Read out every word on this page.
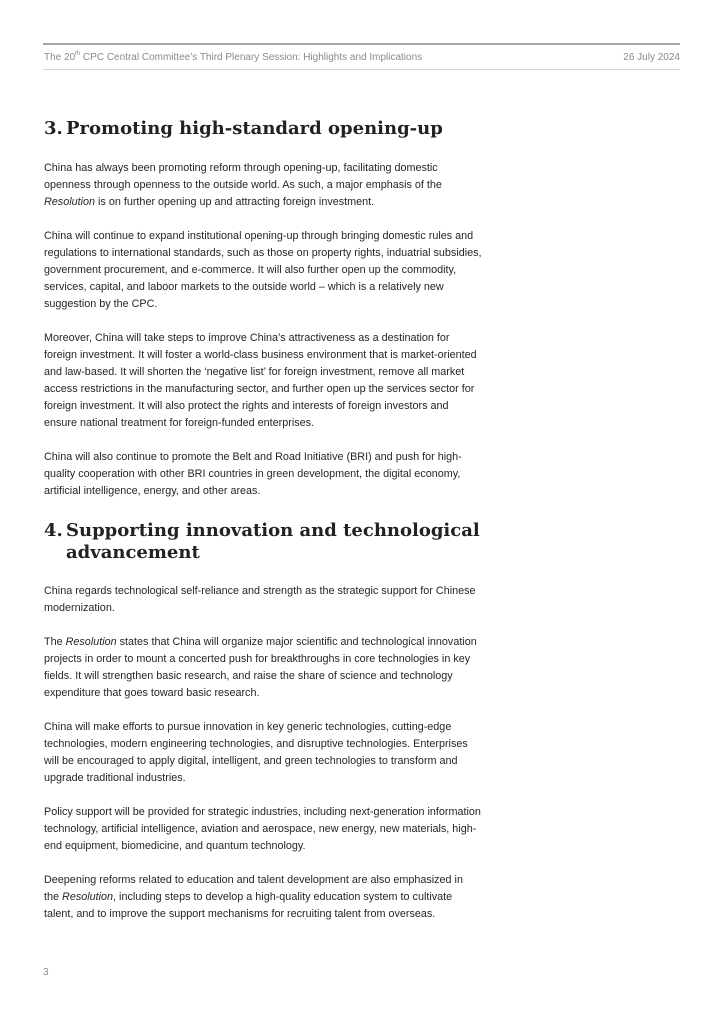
The 20th CPC Central Committee’s Third Plenary Session: Highlights and Implications	26 July 2024
3. Promoting high-standard opening-up

China has always been promoting reform through opening-up, facilitating domestic openness through openness to the outside world. As such, a major emphasis of the Resolution is on further opening up and attracting foreign investment.

China will continue to expand institutional opening-up through bringing domestic rules and regulations to international standards, such as those on property rights, induatrial subsidies, government procurement, and e-commerce. It will also further open up the commodity, services, capital, and laboor markets to the outside world – which is a relatively new suggestion by the CPC.

Moreover, China will take steps to improve China’s attractiveness as a destination for foreign investment. It will foster a world-class business environment that is market-oriented and law-based. It will shorten the ‘negative list’ for foreign investment, remove all market access restrictions in the manufacturing sector, and further open up the services sector for foreign investment. It will also protect the rights and interests of foreign investors and ensure national treatment for foreign-funded enterprises.

China will also continue to promote the Belt and Road Initiative (BRI) and push for high-quality cooperation with other BRI countries in green development, the digital economy, artificial intelligence, energy, and other areas.

4. Supporting innovation and technological advancement

China regards technological self-reliance and strength as the strategic support for Chinese modernization.

The Resolution states that China will organize major scientific and technological innovation projects in order to mount a concerted push for breakthroughs in core technologies in key fields. It will strengthen basic research, and raise the share of science and technology expenditure that goes toward basic research.

China will make efforts to pursue innovation in key generic technologies, cutting-edge technologies, modern engineering technologies, and disruptive technologies. Enterprises will be encouraged to apply digital, intelligent, and green technologies to transform and upgrade traditional industries.

Policy support will be provided for strategic industries, including next-generation information technology, artificial intelligence, aviation and aerospace, new energy, new materials, high-end equipment, biomedicine, and quantum technology.

Deepening reforms related to education and talent development are also emphasized in the Resolution, including steps to develop a high-quality education system to cultivate talent, and to improve the support mechanisms for recruiting talent from overseas.

3
